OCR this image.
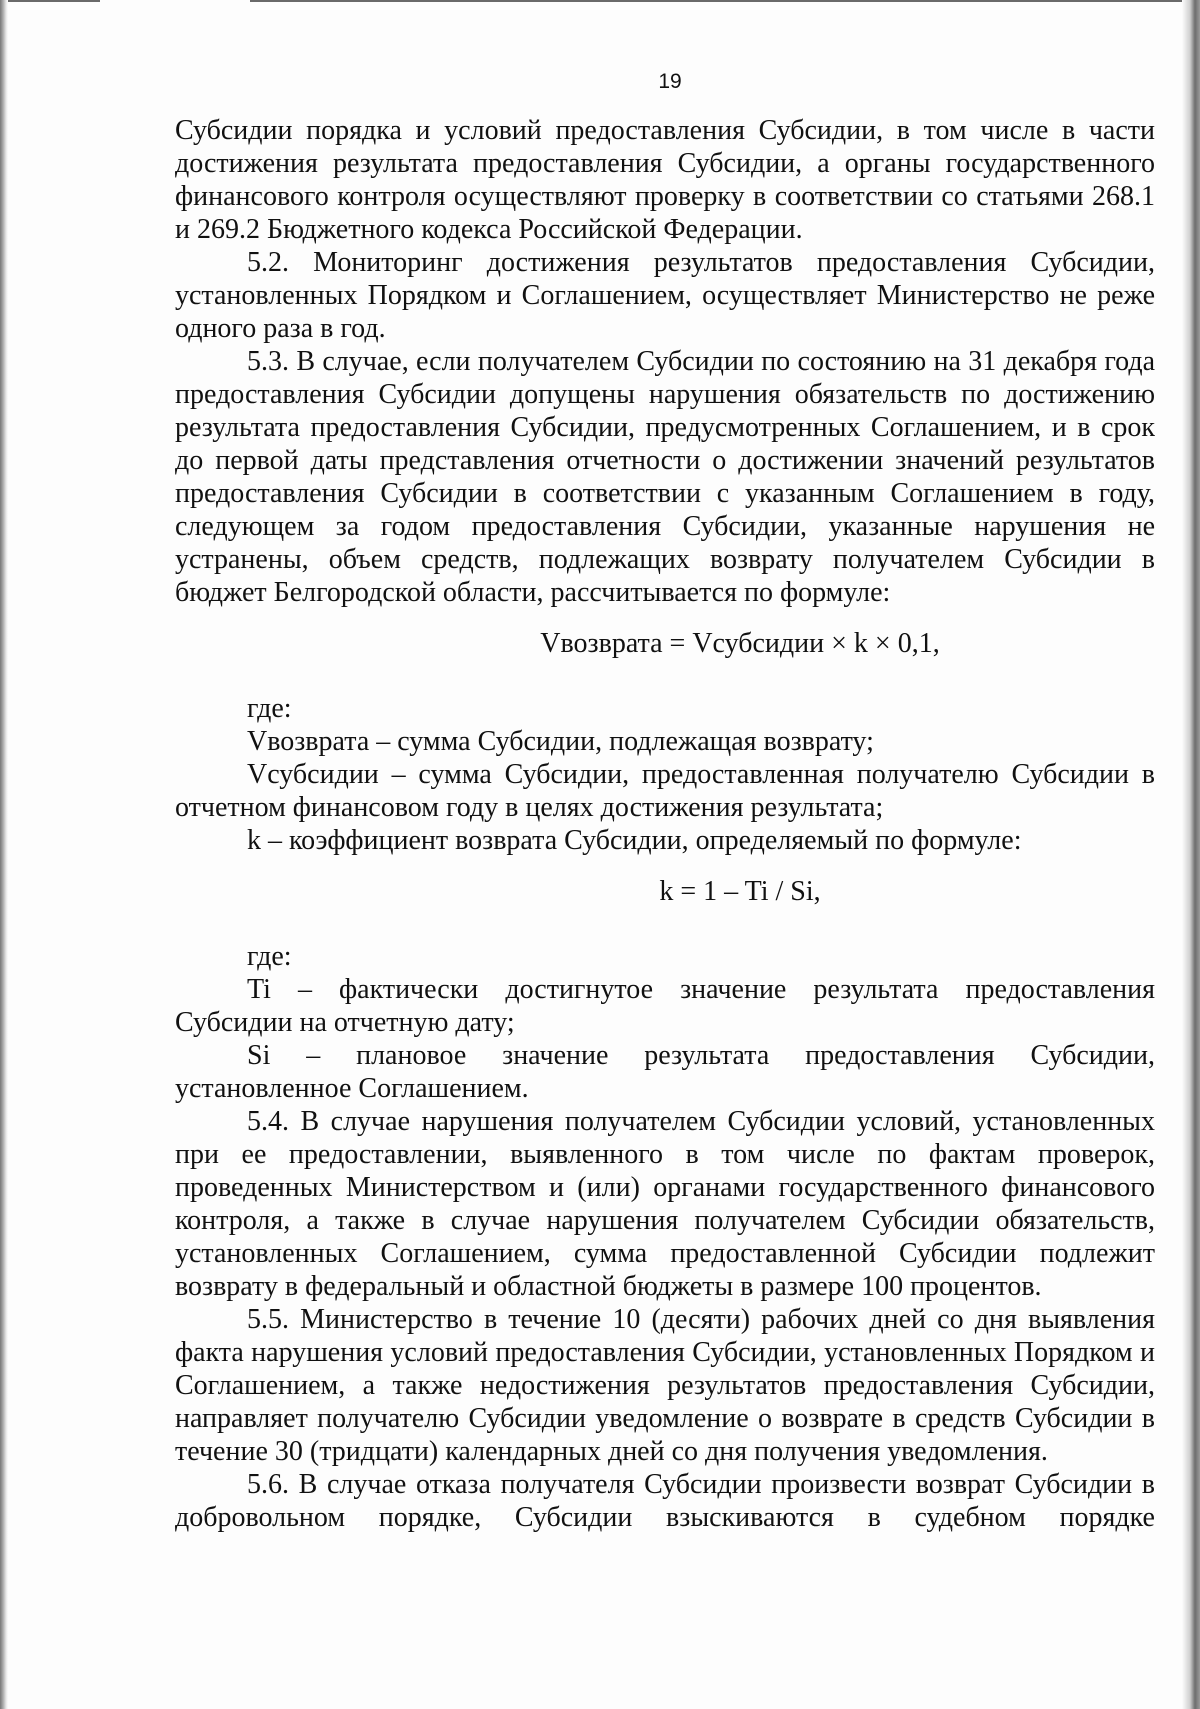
19

Субсидии порядка и условий предоставления Субсидии, в том числе в части достижения результата предоставления Субсидии, а органы государственного финансового контроля осуществляют проверку в соответствии со статьями 268.1 и 269.2 Бюджетного кодекса Российской Федерации.

5.2. Мониторинг достижения результатов предоставления Субсидии, установленных Порядком и Соглашением, осуществляет Министерство не реже одного раза в год.

5.3. В случае, если получателем Субсидии по состоянию на 31 декабря года предоставления Субсидии допущены нарушения обязательств по достижению результата предоставления Субсидии, предусмотренных Соглашением, и в срок до первой даты представления отчетности о достижении значений результатов предоставления Субсидии в соответствии с указанным Соглашением в году, следующем за годом предоставления Субсидии, указанные нарушения не устранены, объем средств, подлежащих возврату получателем Субсидии в бюджет Белгородской области, рассчитывается по формуле:

Vвозврата = Vсубсидии × k × 0,1,

где:

Vвозврата – сумма Субсидии, подлежащая возврату;

Vсубсидии – сумма Субсидии, предоставленная получателю Субсидии в отчетном финансовом году в целях достижения результата;

k – коэффициент возврата Субсидии, определяемый по формуле:

k = 1 – Ti / Si,

где:

Ti – фактически достигнутое значение результата предоставления Субсидии на отчетную дату;

Si – плановое значение результата предоставления Субсидии, установленное Соглашением.

5.4. В случае нарушения получателем Субсидии условий, установленных при ее предоставлении, выявленного в том числе по фактам проверок, проведенных Министерством и (или) органами государственного финансового контроля, а также в случае нарушения получателем Субсидии обязательств, установленных Соглашением, сумма предоставленной Субсидии подлежит возврату в федеральный и областной бюджеты в размере 100 процентов.

5.5. Министерство в течение 10 (десяти) рабочих дней со дня выявления факта нарушения условий предоставления Субсидии, установленных Порядком и Соглашением, а также недостижения результатов предоставления Субсидии, направляет получателю Субсидии уведомление о возврате в средств Субсидии в течение 30 (тридцати) календарных дней со дня получения уведомления.

5.6. В случае отказа получателя Субсидии произвести возврат Субсидии в добровольном порядке, Субсидии взыскиваются в судебном порядке
